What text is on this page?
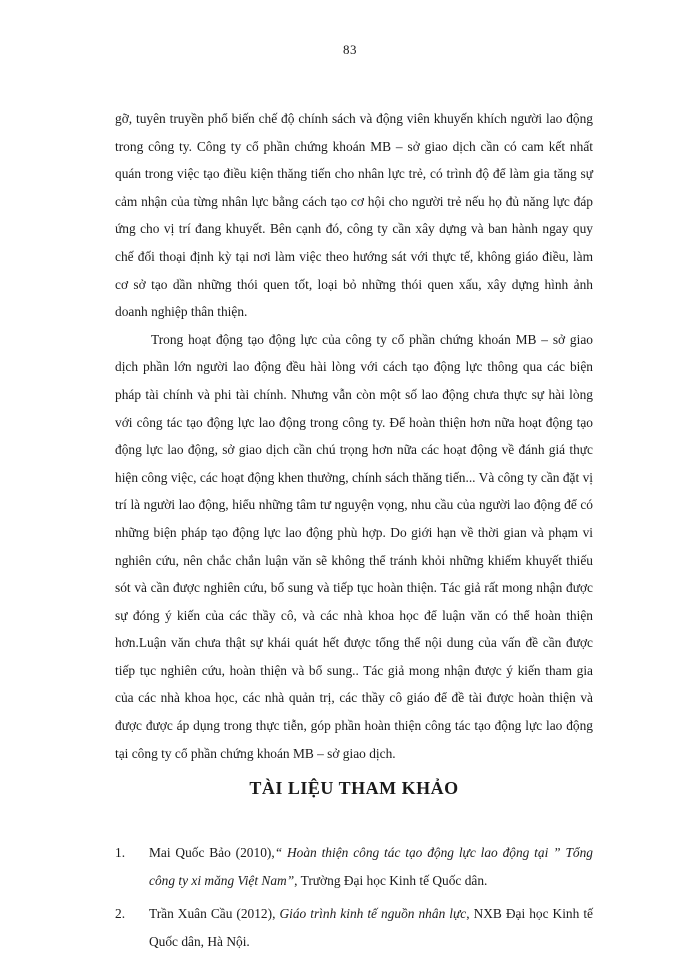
83

gỡ, tuyên truyền phổ biến chế độ chính sách và động viên khuyến khích người lao động trong công ty. Công ty cổ phần chứng khoán MB – sở giao dịch cần có cam kết nhất quán trong việc tạo điều kiện thăng tiến cho nhân lực trẻ, có trình độ để làm gia tăng sự cảm nhận của từng nhân lực bằng cách tạo cơ hội cho người trẻ nếu họ đủ năng lực đáp ứng cho vị trí đang khuyết. Bên cạnh đó, công ty cần xây dựng và ban hành ngay quy chế đối thoại định kỳ tại nơi làm việc theo hướng sát với thực tế, không giáo điều, làm cơ sở tạo dần những thói quen tốt, loại bỏ những thói quen xấu, xây dựng hình ảnh doanh nghiệp thân thiện.

Trong hoạt động tạo động lực của công ty cổ phần chứng khoán MB – sở giao dịch phần lớn người lao động đều hài lòng với cách tạo động lực thông qua các biện pháp tài chính và phi tài chính. Nhưng vẫn còn một số lao động chưa thực sự hài lòng với công tác tạo động lực lao động trong công ty. Để hoàn thiện hơn nữa hoạt động tạo động lực lao động, sở giao dịch cần chú trọng hơn nữa các hoạt động về đánh giá thực hiện công việc, các hoạt động khen thưởng, chính sách thăng tiến... Và công ty cần đặt vị trí là người lao động, hiểu những tâm tư nguyện vọng, nhu cầu của người lao động để có những biện pháp tạo động lực lao động phù hợp. Do giới hạn về thời gian và phạm vi nghiên cứu, nên chắc chắn luận văn sẽ không thể tránh khỏi những khiếm khuyết thiếu sót và cần được nghiên cứu, bổ sung và tiếp tục hoàn thiện. Tác giả rất mong nhận được sự đóng ý kiến của các thầy cô, và các nhà khoa học để luận văn có thể hoàn thiện hơn.Luận văn chưa thật sự khái quát hết được tổng thể nội dung của vấn đề cần được tiếp tục nghiên cứu, hoàn thiện và bổ sung.. Tác giả mong nhận được ý kiến tham gia của các nhà khoa học, các nhà quản trị, các thầy cô giáo để đề tài được hoàn thiện và được được áp dụng trong thực tiễn, góp phần hoàn thiện công tác tạo động lực lao động tại công ty cổ phần chứng khoán MB – sở giao dịch.

TÀI LIỆU THAM KHẢO
1.	Mai Quốc Bảo (2010),“ Hoàn thiện công tác tạo động lực lao động tại ” Tổng công ty xi măng Việt Nam”, Trường Đại học Kinh tế Quốc dân.
2.	Trần Xuân Cầu (2012), Giáo trình kinh tế nguồn nhân lực, NXB Đại học Kinh tế Quốc dân, Hà Nội.
